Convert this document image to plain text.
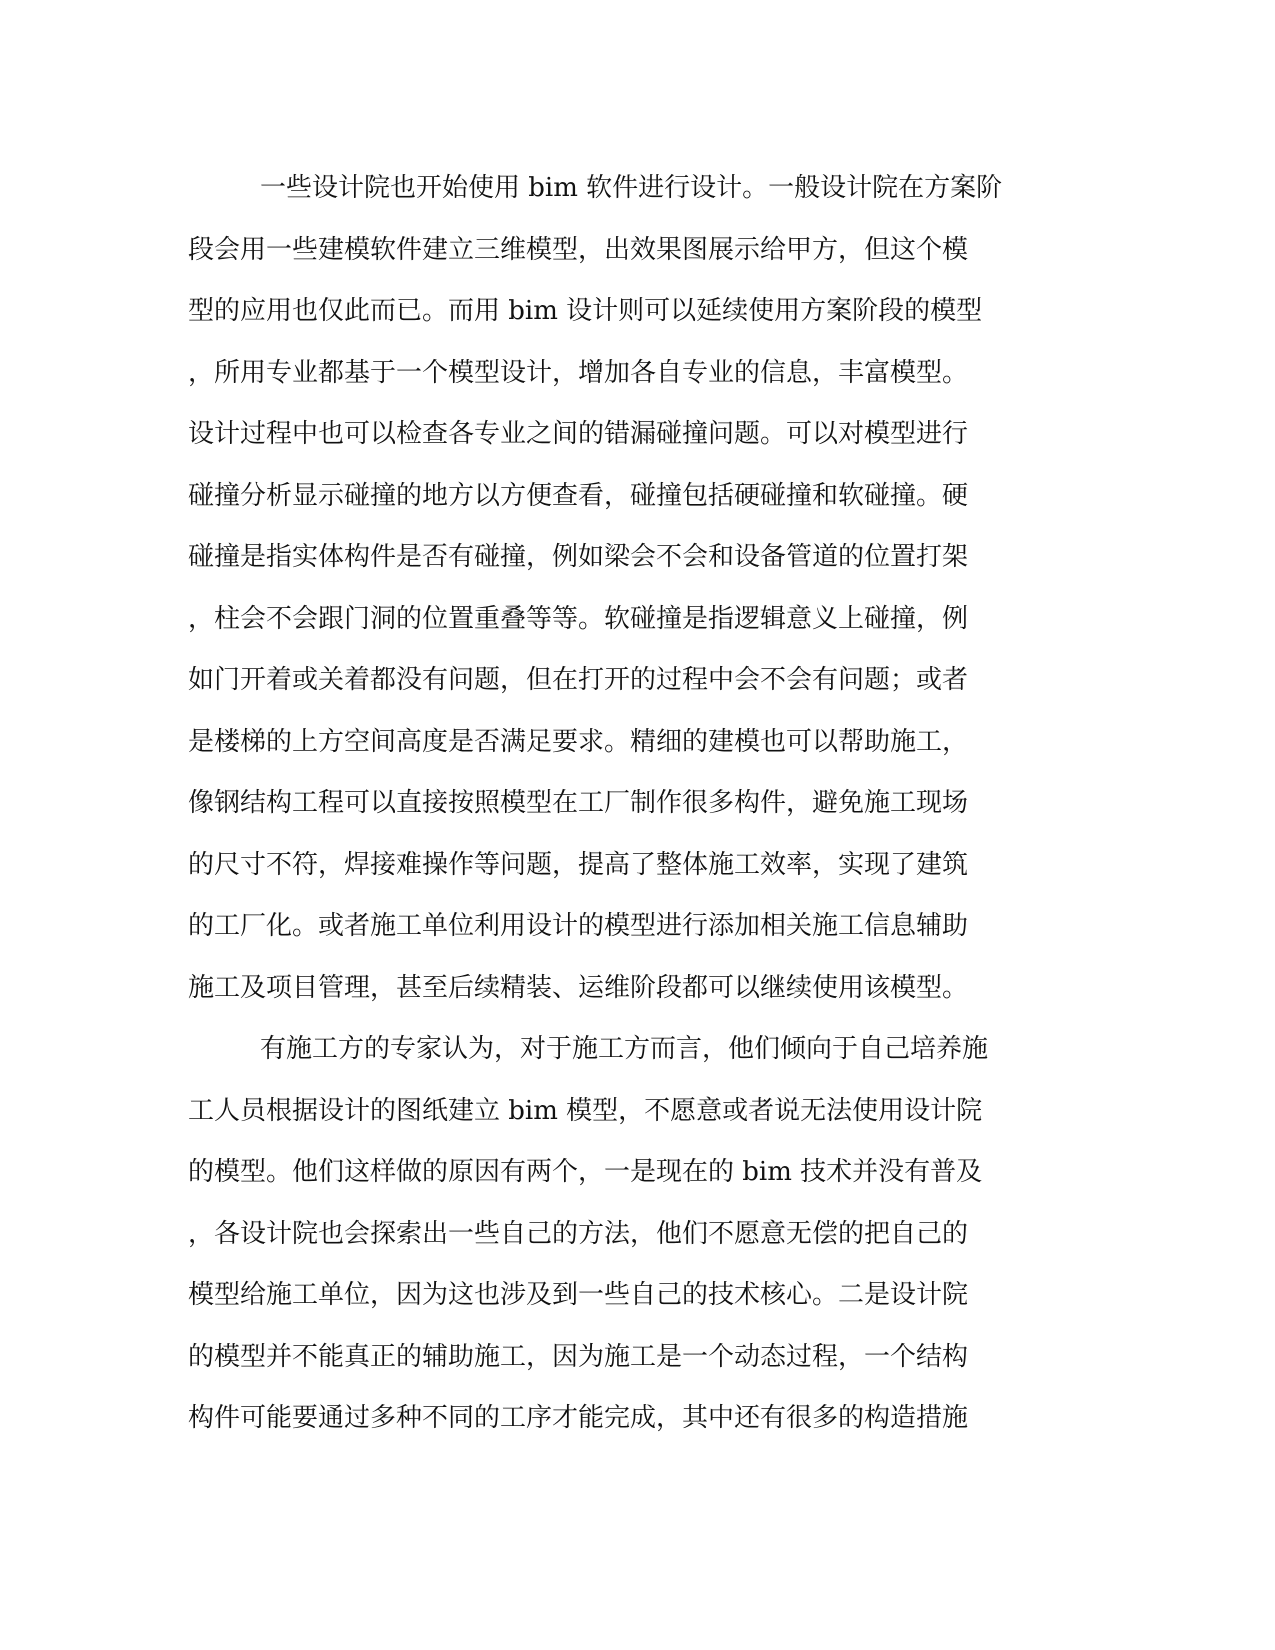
一些设计院也开始使用 bim 软件进行设计。一般设计院在方案阶
段会用一些建模软件建立三维模型，出效果图展示给甲方，但这个模
型的应用也仅此而已。而用 bim 设计则可以延续使用方案阶段的模型
，所用专业都基于一个模型设计，增加各自专业的信息，丰富模型。
设计过程中也可以检查各专业之间的错漏碰撞问题。可以对模型进行
碰撞分析显示碰撞的地方以方便查看，碰撞包括硬碰撞和软碰撞。硬
碰撞是指实体构件是否有碰撞，例如梁会不会和设备管道的位置打架
，柱会不会跟门洞的位置重叠等等。软碰撞是指逻辑意义上碰撞，例
如门开着或关着都没有问题，但在打开的过程中会不会有问题；或者
是楼梯的上方空间高度是否满足要求。精细的建模也可以帮助施工，
像钢结构工程可以直接按照模型在工厂制作很多构件，避免施工现场
的尺寸不符，焊接难操作等问题，提高了整体施工效率，实现了建筑
的工厂化。或者施工单位利用设计的模型进行添加相关施工信息辅助
施工及项目管理，甚至后续精装、运维阶段都可以继续使用该模型。
有施工方的专家认为，对于施工方而言，他们倾向于自己培养施
工人员根据设计的图纸建立 bim 模型，不愿意或者说无法使用设计院
的模型。他们这样做的原因有两个，一是现在的 bim 技术并没有普及
，各设计院也会探索出一些自己的方法，他们不愿意无偿的把自己的
模型给施工单位，因为这也涉及到一些自己的技术核心。二是设计院
的模型并不能真正的辅助施工，因为施工是一个动态过程，一个结构
构件可能要通过多种不同的工序才能完成，其中还有很多的构造措施
